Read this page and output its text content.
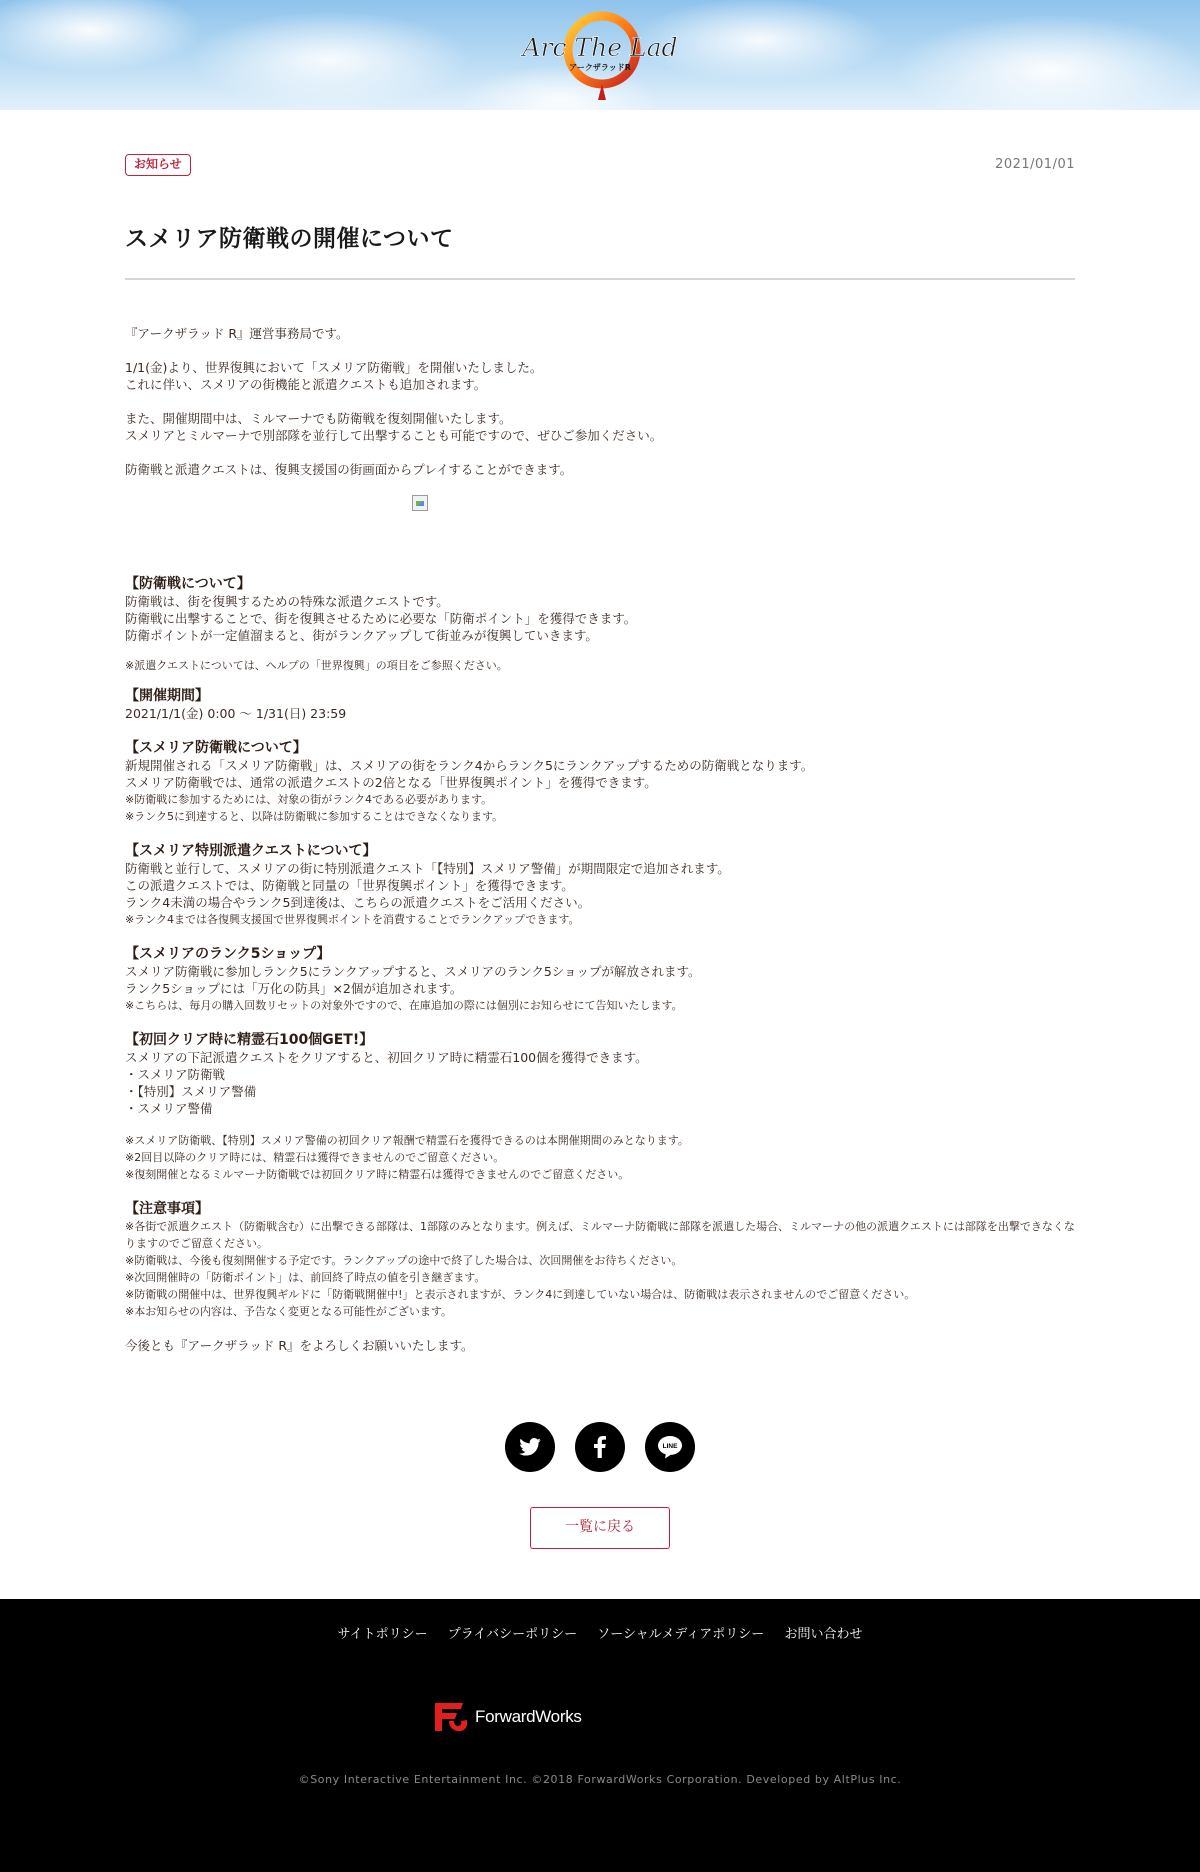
Arc The Lad
アークザラッドR
お知らせ	2021/01/01
スメリア防衛戦の開催について
『アークザラッド R』運営事務局です。
1/1(金)より、世界復興において「スメリア防衛戦」を開催いたしました。
これに伴い、スメリアの街機能と派遣クエストも追加されます。
また、開催期間中は、ミルマーナでも防衛戦を復刻開催いたします。
スメリアとミルマーナで別部隊を並行して出撃することも可能ですので、ぜひご参加ください。
防衛戦と派遣クエストは、復興支援国の街画面からプレイすることができます。
【防衛戦について】
防衛戦は、街を復興するための特殊な派遣クエストです。
防衛戦に出撃することで、街を復興させるために必要な「防衛ポイント」を獲得できます。
防衛ポイントが一定値溜まると、街がランクアップして街並みが復興していきます。
※派遣クエストについては、ヘルプの「世界復興」の項目をご参照ください。
【開催期間】
2021/1/1(金) 0:00 ～ 1/31(日) 23:59
【スメリア防衛戦について】
新規開催される「スメリア防衛戦」は、スメリアの街をランク4からランク5にランクアップするための防衛戦となります。
スメリア防衛戦では、通常の派遣クエストの2倍となる「世界復興ポイント」を獲得できます。
※防衛戦に参加するためには、対象の街がランク4である必要があります。
※ランク5に到達すると、以降は防衛戦に参加することはできなくなります。
【スメリア特別派遣クエストについて】
防衛戦と並行して、スメリアの街に特別派遣クエスト「【特別】スメリア警備」が期間限定で追加されます。
この派遣クエストでは、防衛戦と同量の「世界復興ポイント」を獲得できます。
ランク4未満の場合やランク5到達後は、こちらの派遣クエストをご活用ください。
※ランク4までは各復興支援国で世界復興ポイントを消費することでランクアップできます。
【スメリアのランク5ショップ】
スメリア防衛戦に参加しランク5にランクアップすると、スメリアのランク5ショップが解放されます。
ランク5ショップには「万化の防具」×2個が追加されます。
※こちらは、毎月の購入回数リセットの対象外ですので、在庫追加の際には個別にお知らせにて告知いたします。
【初回クリア時に精霊石100個GET!】
スメリアの下記派遣クエストをクリアすると、初回クリア時に精霊石100個を獲得できます。
・スメリア防衛戦
・【特別】スメリア警備
・スメリア警備
※スメリア防衛戦、【特別】スメリア警備の初回クリア報酬で精霊石を獲得できるのは本開催期間のみとなります。
※2回目以降のクリア時には、精霊石は獲得できませんのでご留意ください。
※復刻開催となるミルマーナ防衛戦では初回クリア時に精霊石は獲得できませんのでご留意ください。
【注意事項】
※各街で派遣クエスト（防衛戦含む）に出撃できる部隊は、1部隊のみとなります。例えば、ミルマーナ防衛戦に部隊を派遣した場合、ミルマーナの他の派遣クエストには部隊を出撃できなくなりますのでご留意ください。
※防衛戦は、今後も復刻開催する予定です。ランクアップの途中で終了した場合は、次回開催をお待ちください。
※次回開催時の「防衛ポイント」は、前回終了時点の値を引き継ぎます。
※防衛戦の開催中は、世界復興ギルドに「防衛戦開催中!」と表示されますが、ランク4に到達していない場合は、防衛戦は表示されませんのでご留意ください。
※本お知らせの内容は、予告なく変更となる可能性がございます。
今後とも『アークザラッド R』をよろしくお願いいたします。
LINE
一覧に戻る
サイトポリシー プライバシーポリシー ソーシャルメディアポリシー お問い合わせ
ForwardWorks
©Sony Interactive Entertainment Inc. ©2018 ForwardWorks Corporation. Developed by AltPlus Inc.
